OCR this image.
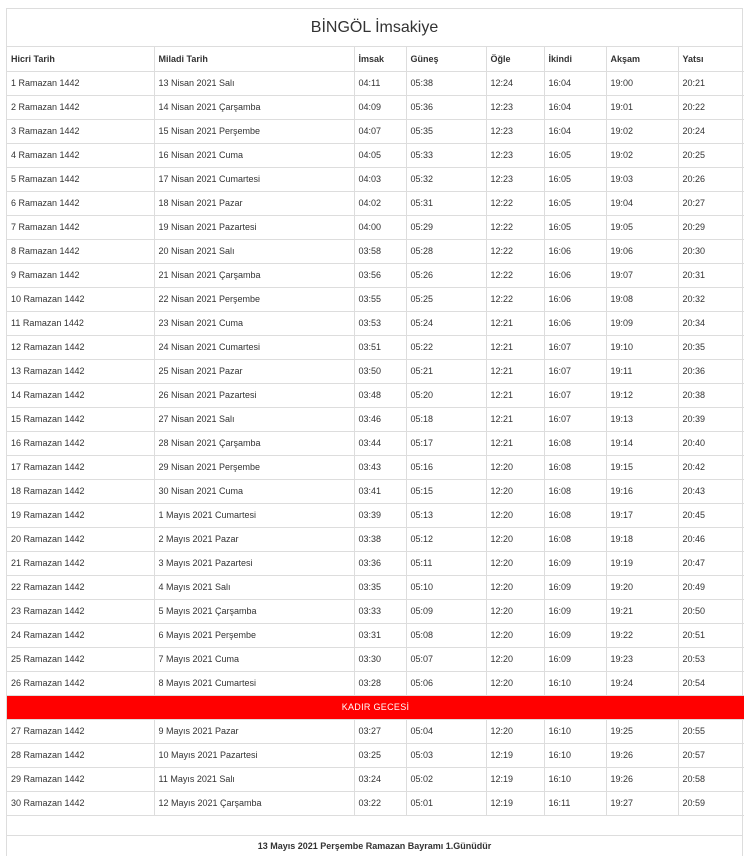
BİNGÖL İmsakiye
Hicri Tarih	Miladi Tarih	İmsak	Güneş	Öğle	İkindi	Akşam	Yatsı
1 Ramazan 1442	13 Nisan 2021 Salı	04:11	05:38	12:24	16:04	19:00	20:21
2 Ramazan 1442	14 Nisan 2021 Çarşamba	04:09	05:36	12:23	16:04	19:01	20:22
3 Ramazan 1442	15 Nisan 2021 Perşembe	04:07	05:35	12:23	16:04	19:02	20:24
4 Ramazan 1442	16 Nisan 2021 Cuma	04:05	05:33	12:23	16:05	19:02	20:25
5 Ramazan 1442	17 Nisan 2021 Cumartesi	04:03	05:32	12:23	16:05	19:03	20:26
6 Ramazan 1442	18 Nisan 2021 Pazar	04:02	05:31	12:22	16:05	19:04	20:27
7 Ramazan 1442	19 Nisan 2021 Pazartesi	04:00	05:29	12:22	16:05	19:05	20:29
8 Ramazan 1442	20 Nisan 2021 Salı	03:58	05:28	12:22	16:06	19:06	20:30
9 Ramazan 1442	21 Nisan 2021 Çarşamba	03:56	05:26	12:22	16:06	19:07	20:31
10 Ramazan 1442	22 Nisan 2021 Perşembe	03:55	05:25	12:22	16:06	19:08	20:32
11 Ramazan 1442	23 Nisan 2021 Cuma	03:53	05:24	12:21	16:06	19:09	20:34
12 Ramazan 1442	24 Nisan 2021 Cumartesi	03:51	05:22	12:21	16:07	19:10	20:35
13 Ramazan 1442	25 Nisan 2021 Pazar	03:50	05:21	12:21	16:07	19:11	20:36
14 Ramazan 1442	26 Nisan 2021 Pazartesi	03:48	05:20	12:21	16:07	19:12	20:38
15 Ramazan 1442	27 Nisan 2021 Salı	03:46	05:18	12:21	16:07	19:13	20:39
16 Ramazan 1442	28 Nisan 2021 Çarşamba	03:44	05:17	12:21	16:08	19:14	20:40
17 Ramazan 1442	29 Nisan 2021 Perşembe	03:43	05:16	12:20	16:08	19:15	20:42
18 Ramazan 1442	30 Nisan 2021 Cuma	03:41	05:15	12:20	16:08	19:16	20:43
19 Ramazan 1442	1 Mayıs 2021 Cumartesi	03:39	05:13	12:20	16:08	19:17	20:45
20 Ramazan 1442	2 Mayıs 2021 Pazar	03:38	05:12	12:20	16:08	19:18	20:46
21 Ramazan 1442	3 Mayıs 2021 Pazartesi	03:36	05:11	12:20	16:09	19:19	20:47
22 Ramazan 1442	4 Mayıs 2021 Salı	03:35	05:10	12:20	16:09	19:20	20:49
23 Ramazan 1442	5 Mayıs 2021 Çarşamba	03:33	05:09	12:20	16:09	19:21	20:50
24 Ramazan 1442	6 Mayıs 2021 Perşembe	03:31	05:08	12:20	16:09	19:22	20:51
25 Ramazan 1442	7 Mayıs 2021 Cuma	03:30	05:07	12:20	16:09	19:23	20:53
26 Ramazan 1442	8 Mayıs 2021 Cumartesi	03:28	05:06	12:20	16:10	19:24	20:54
KADIR GECESİ							
27 Ramazan 1442	9 Mayıs 2021 Pazar	03:27	05:04	12:20	16:10	19:25	20:55
28 Ramazan 1442	10 Mayıs 2021 Pazartesi	03:25	05:03	12:19	16:10	19:26	20:57
29 Ramazan 1442	11 Mayıs 2021 Salı	03:24	05:02	12:19	16:10	19:26	20:58
30 Ramazan 1442	12 Mayıs 2021 Çarşamba	03:22	05:01	12:19	16:11	19:27	20:59
13 Mayıs 2021 Perşembe Ramazan Bayramı 1.Günüdür
